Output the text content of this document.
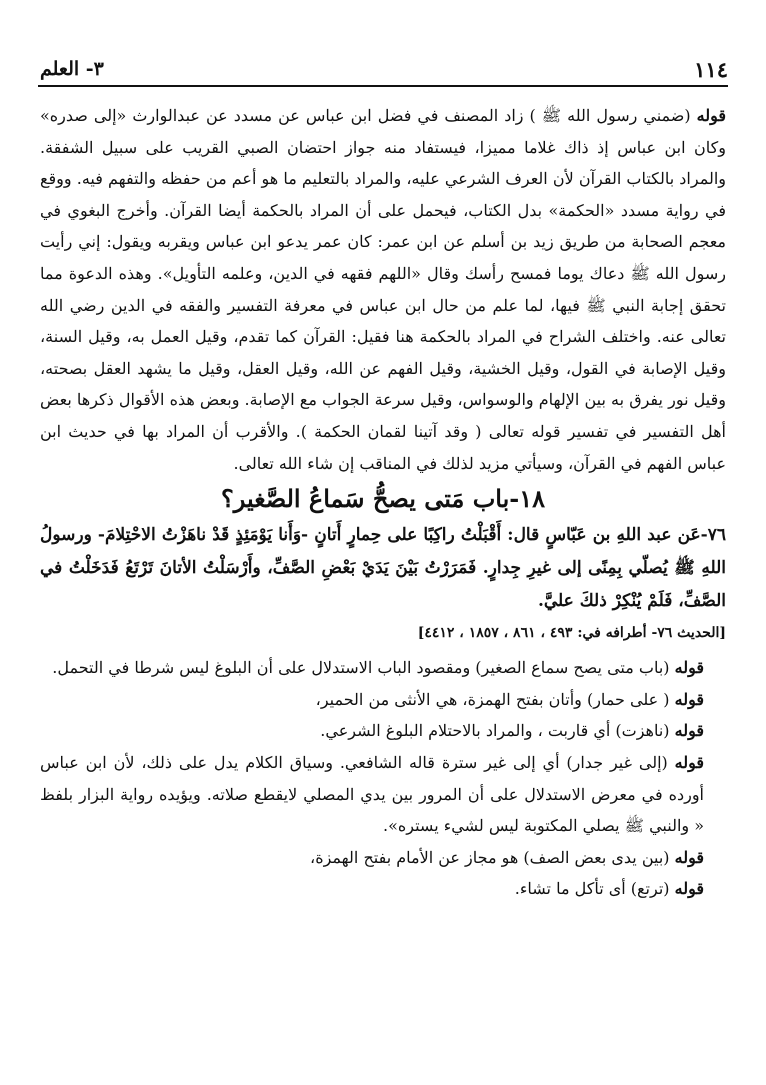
٣- العلم	١١٤

قوله (ضمني رسول الله ﷺ ) زاد المصنف في فضل ابن عباس عن مسدد عن عبدالوارث «إلى صدره» وكان ابن عباس إذ ذاك غلاما مميزا، فيستفاد منه جواز احتضان الصبي القريب على سبيل الشفقة. والمراد بالكتاب القرآن لأن العرف الشرعي عليه، والمراد بالتعليم ما هو أعم من حفظه والتفهم فيه. ووقع في رواية مسدد «الحكمة» بدل الكتاب، فيحمل على أن المراد بالحكمة أيضا القرآن. وأخرج البغوي في معجم الصحابة من طريق زيد بن أسلم عن ابن عمر: كان عمر يدعو ابن عباس ويقربه ويقول: إني رأيت رسول الله ﷺ دعاك يوما فمسح رأسك وقال «اللهم فقهه في الدين، وعلمه التأويل». وهذه الدعوة مما تحقق إجابة النبي ﷺ فيها، لما علم من حال ابن عباس في معرفة التفسير والفقه في الدين رضي الله تعالى عنه. واختلف الشراح في المراد بالحكمة هنا فقيل: القرآن كما تقدم، وقيل العمل به، وقيل السنة، وقيل الإصابة في القول، وقيل الخشية، وقيل الفهم عن الله، وقيل العقل، وقيل ما يشهد العقل بصحته، وقيل نور يفرق به بين الإلهام والوسواس، وقيل سرعة الجواب مع الإصابة. وبعض هذه الأقوال ذكرها بعض أهل التفسير في تفسير قوله تعالى ( وقد آتينا لقمان الحكمة ). والأقرب أن المراد بها في حديث ابن عباس الفهم في القرآن، وسيأتي مزيد لذلك في المناقب إن شاء الله تعالى.

١٨-باب مَتى يصحُّ سَماعُ الصَّغير؟

٧٦-عَن عبد اللهِ بن عَبّاسٍ قال: أَقْبَلْتُ راكِبًا على حِمارٍ أَتانٍ -وَأَنا يَوْمَئِذٍ قَدْ ناهَزْتُ الاحْتِلامَ- ورسولُ اللهِ ﷺ يُصلّي بِمِنًى إلى غيرِ جِدارٍ. فَمَرَرْتُ بَيْنَ يَدَيْ بَعْضِ الصَّفِّ، وأَرْسَلْتُ الأتانَ تَرْتَعُ فَدَخَلْتُ في الصَّفِّ، فَلَمْ يُنْكِرْ ذلكَ عليَّ.

[الحديث ٧٦- أطرافه في: ٤٩٣ ، ٨٦١ ، ١٨٥٧ ، ٤٤١٢]

قوله (باب متى يصح سماع الصغير) ومقصود الباب الاستدلال على أن البلوغ ليس شرطا في التحمل.

قوله ( على حمار) وأتان بفتح الهمزة، هي الأنثى من الحمير،

قوله (ناهزت) أي قاربت ، والمراد بالاحتلام البلوغ الشرعي.

قوله (إلى غير جدار) أي إلى غير سترة قاله الشافعي. وسياق الكلام يدل على ذلك، لأن ابن عباس أورده في معرض الاستدلال على أن المرور بين يدي المصلي لايقطع صلاته. ويؤيده رواية البزار بلفظ « والنبي ﷺ يصلي المكتوبة ليس لشيء يستره».

قوله (بين يدى بعض الصف) هو مجاز عن الأمام بفتح الهمزة،

قوله (ترتع) أى تأكل ما تشاء.
